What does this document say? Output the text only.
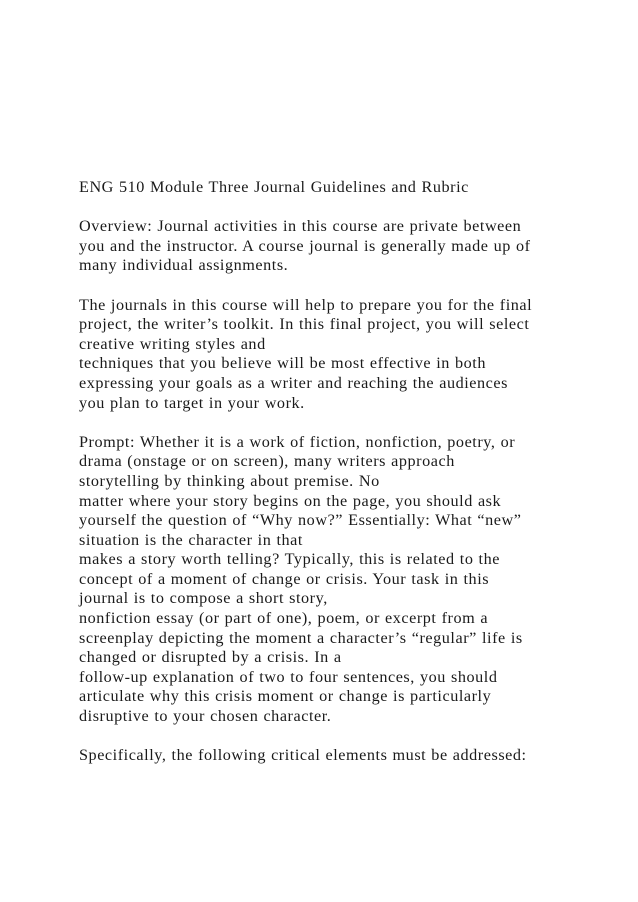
ENG 510 Module Three Journal Guidelines and Rubric
Overview: Journal activities in this course are private between
you and the instructor. A course journal is generally made up of
many individual assignments.
The journals in this course will help to prepare you for the final
project, the writer’s toolkit. In this final project, you will select
creative writing styles and
techniques that you believe will be most effective in both
expressing your goals as a writer and reaching the audiences
you plan to target in your work.
Prompt: Whether it is a work of fiction, nonfiction, poetry, or
drama (onstage or on screen), many writers approach
storytelling by thinking about premise. No
matter where your story begins on the page, you should ask
yourself the question of “Why now?” Essentially: What “new”
situation is the character in that
makes a story worth telling? Typically, this is related to the
concept of a moment of change or crisis. Your task in this
journal is to compose a short story,
nonfiction essay (or part of one), poem, or excerpt from a
screenplay depicting the moment a character’s “regular” life is
changed or disrupted by a crisis. In a
follow-up explanation of two to four sentences, you should
articulate why this crisis moment or change is particularly
disruptive to your chosen character.
Specifically, the following critical elements must be addressed:
